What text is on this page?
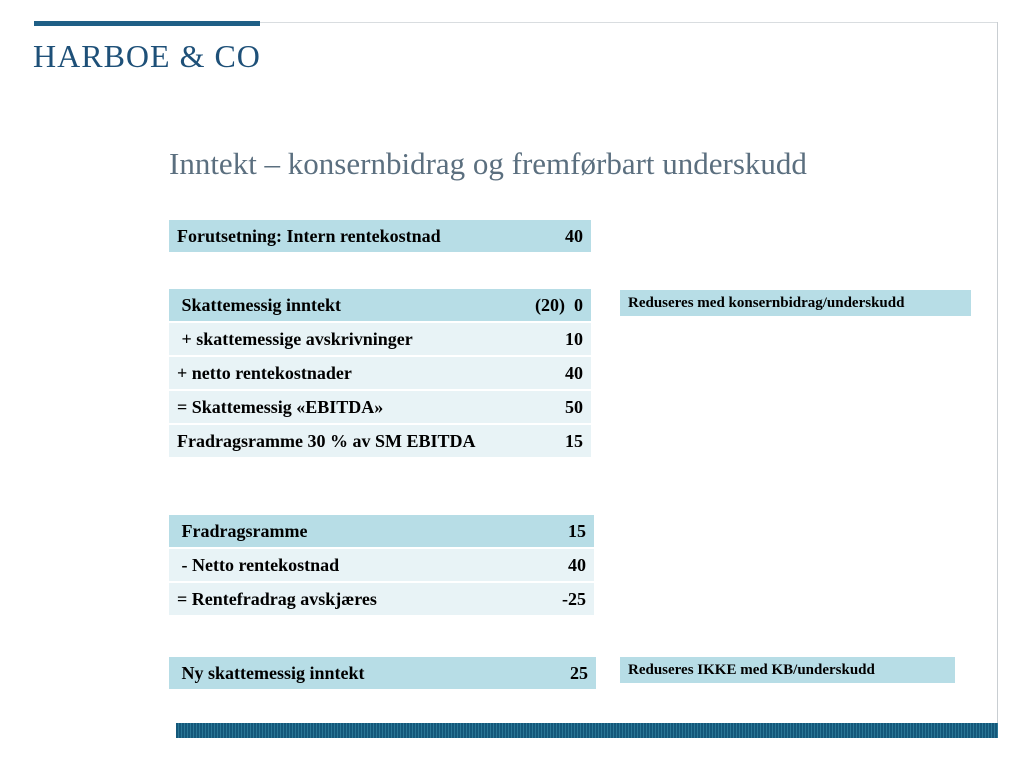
HARBOE & CO
Inntekt – konsernbidrag og fremførbart underskudd
Forutsetning: Intern rentekostnad	40
Skattemessig inntekt	(20)  0
+ skattemessige avskrivninger	10
+ netto rentekostnader	40
= Skattemessig «EBITDA»	50
Fradragsramme 30 % av SM EBITDA	15
Fradragsramme	15
- Netto rentekostnad	40
= Rentefradrag avskjæres	-25
Ny skattemessig inntekt	25
Reduseres med konsernbidrag/underskudd
Reduseres IKKE med KB/underskudd
